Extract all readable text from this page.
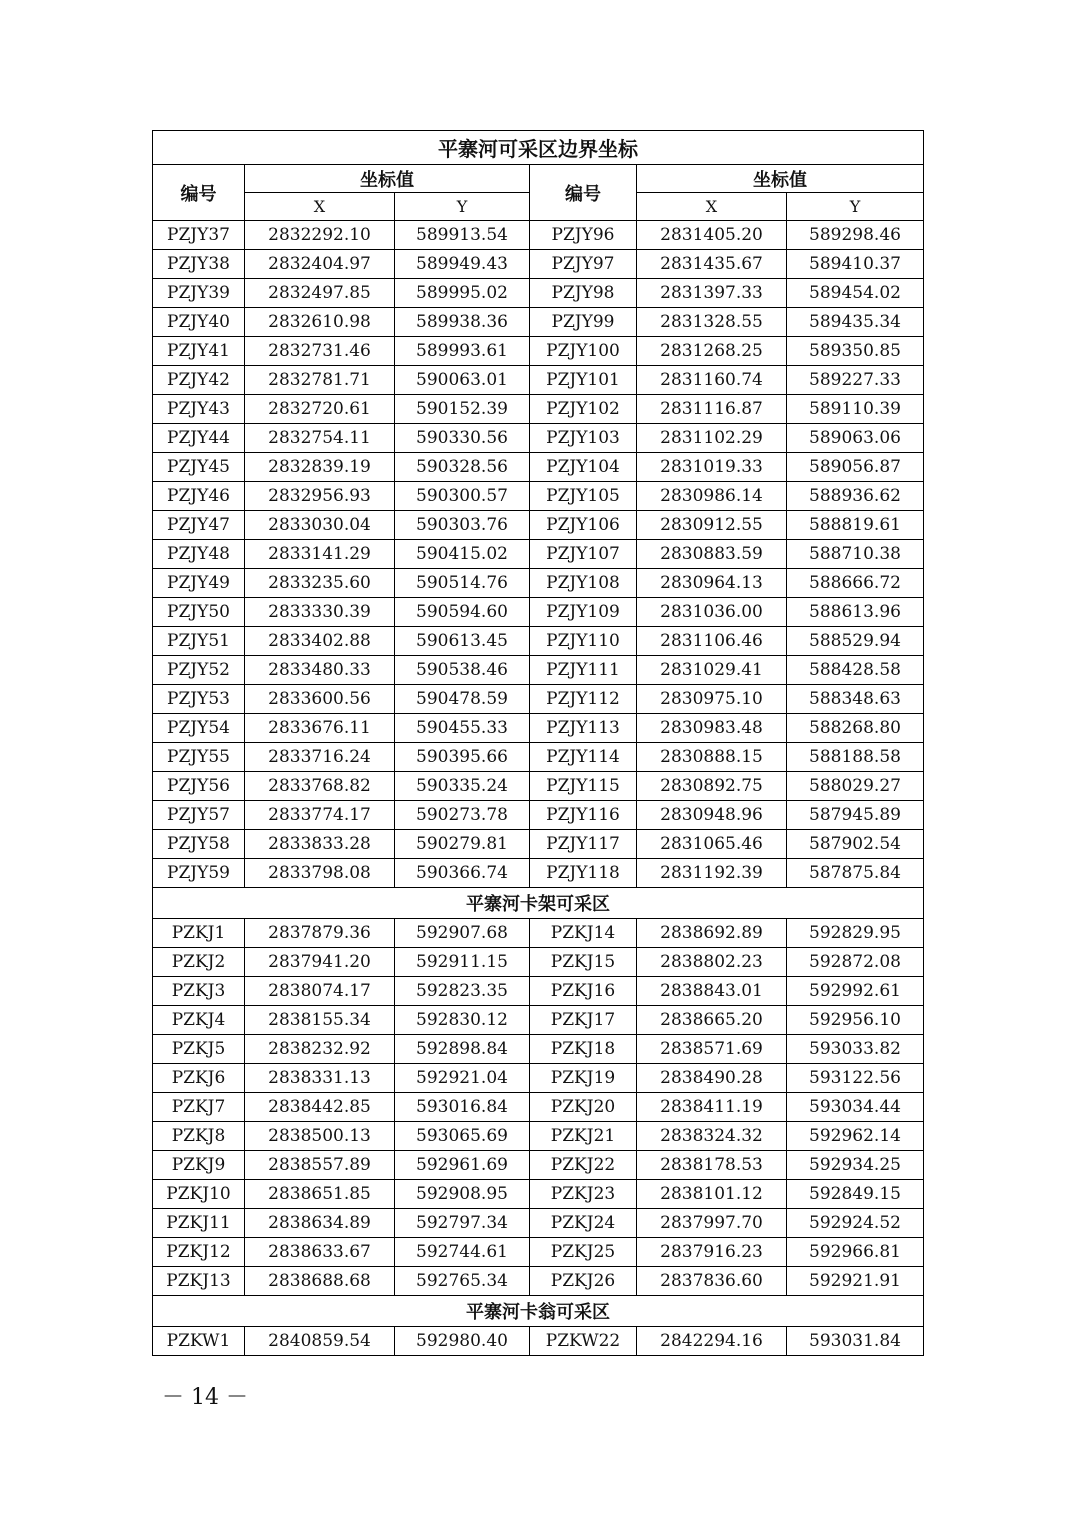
平寨河可采区边界坐标					
编号	坐标值		编号	坐标值	
	X	Y		X	Y
PZJY37	2832292.10	589913.54	PZJY96	2831405.20	589298.46
PZJY38	2832404.97	589949.43	PZJY97	2831435.67	589410.37
PZJY39	2832497.85	589995.02	PZJY98	2831397.33	589454.02
PZJY40	2832610.98	589938.36	PZJY99	2831328.55	589435.34
PZJY41	2832731.46	589993.61	PZJY100	2831268.25	589350.85
PZJY42	2832781.71	590063.01	PZJY101	2831160.74	589227.33
PZJY43	2832720.61	590152.39	PZJY102	2831116.87	589110.39
PZJY44	2832754.11	590330.56	PZJY103	2831102.29	589063.06
PZJY45	2832839.19	590328.56	PZJY104	2831019.33	589056.87
PZJY46	2832956.93	590300.57	PZJY105	2830986.14	588936.62
PZJY47	2833030.04	590303.76	PZJY106	2830912.55	588819.61
PZJY48	2833141.29	590415.02	PZJY107	2830883.59	588710.38
PZJY49	2833235.60	590514.76	PZJY108	2830964.13	588666.72
PZJY50	2833330.39	590594.60	PZJY109	2831036.00	588613.96
PZJY51	2833402.88	590613.45	PZJY110	2831106.46	588529.94
PZJY52	2833480.33	590538.46	PZJY111	2831029.41	588428.58
PZJY53	2833600.56	590478.59	PZJY112	2830975.10	588348.63
PZJY54	2833676.11	590455.33	PZJY113	2830983.48	588268.80
PZJY55	2833716.24	590395.66	PZJY114	2830888.15	588188.58
PZJY56	2833768.82	590335.24	PZJY115	2830892.75	588029.27
PZJY57	2833774.17	590273.78	PZJY116	2830948.96	587945.89
PZJY58	2833833.28	590279.81	PZJY117	2831065.46	587902.54
PZJY59	2833798.08	590366.74	PZJY118	2831192.39	587875.84
平寨河卡架可采区					
PZKJ1	2837879.36	592907.68	PZKJ14	2838692.89	592829.95
PZKJ2	2837941.20	592911.15	PZKJ15	2838802.23	592872.08
PZKJ3	2838074.17	592823.35	PZKJ16	2838843.01	592992.61
PZKJ4	2838155.34	592830.12	PZKJ17	2838665.20	592956.10
PZKJ5	2838232.92	592898.84	PZKJ18	2838571.69	593033.82
PZKJ6	2838331.13	592921.04	PZKJ19	2838490.28	593122.56
PZKJ7	2838442.85	593016.84	PZKJ20	2838411.19	593034.44
PZKJ8	2838500.13	593065.69	PZKJ21	2838324.32	592962.14
PZKJ9	2838557.89	592961.69	PZKJ22	2838178.53	592934.25
PZKJ10	2838651.85	592908.95	PZKJ23	2838101.12	592849.15
PZKJ11	2838634.89	592797.34	PZKJ24	2837997.70	592924.52
PZKJ12	2838633.67	592744.61	PZKJ25	2837916.23	592966.81
PZKJ13	2838688.68	592765.34	PZKJ26	2837836.60	592921.91
平寨河卡翁可采区					
PZKW1	2840859.54	592980.40	PZKW22	2842294.16	593031.84
－ 14 －
